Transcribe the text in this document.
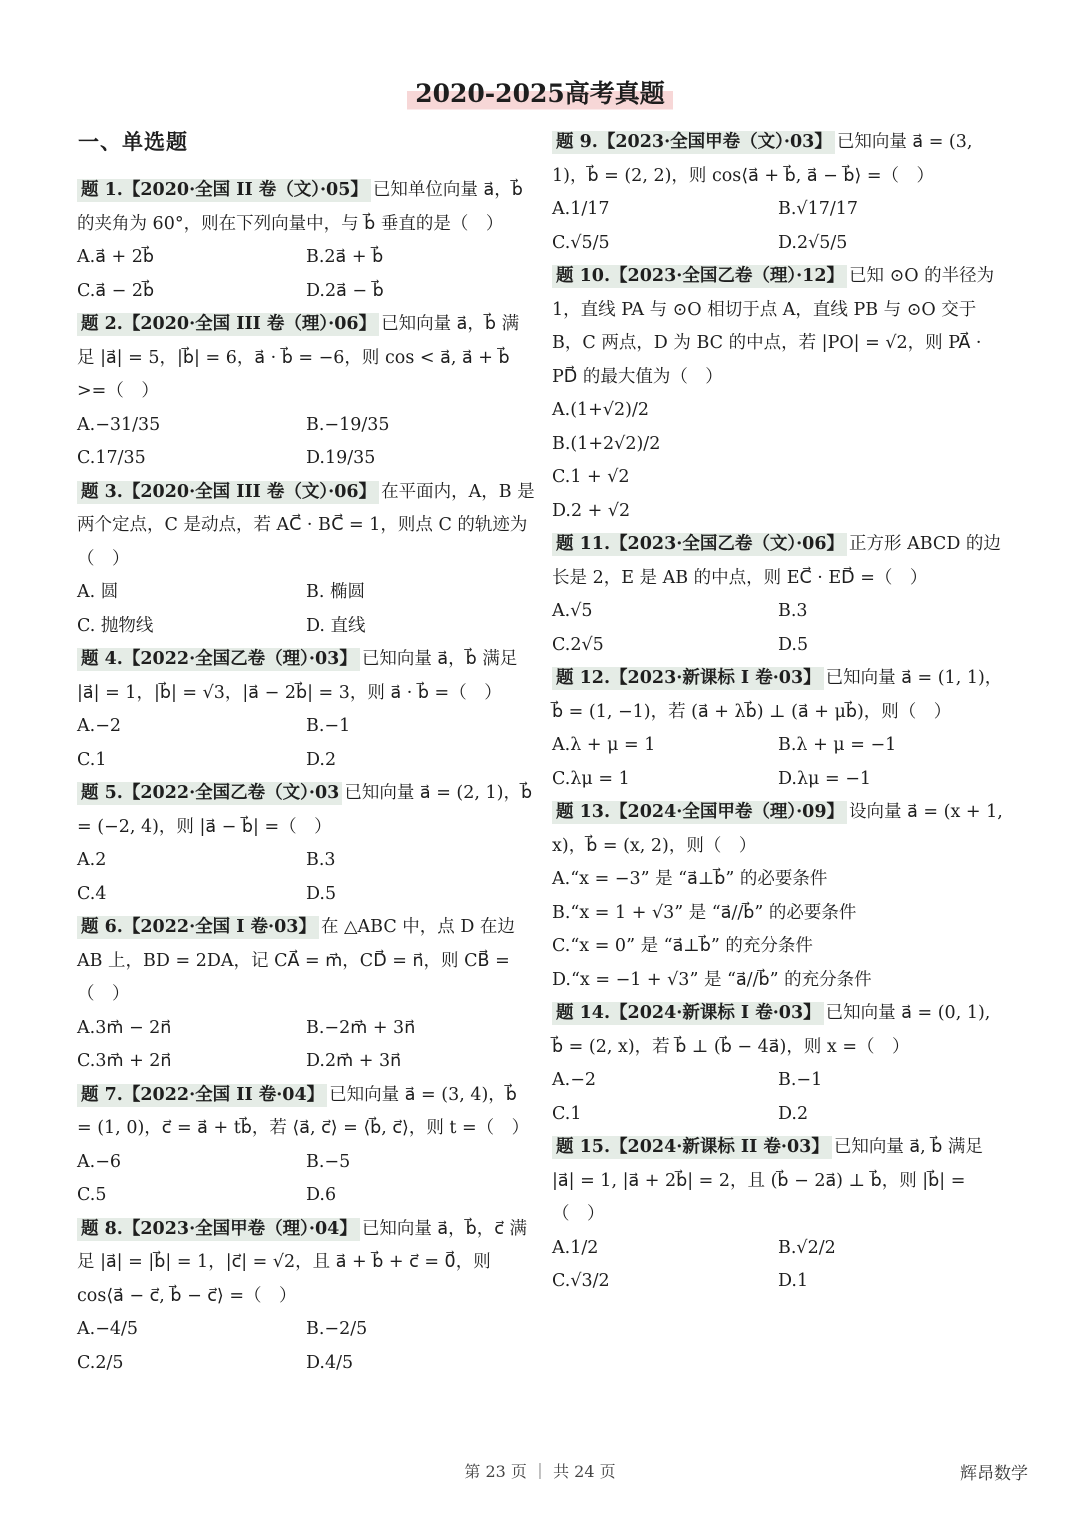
2020-2025高考真题
一、单选题

题 1.【2020·全国 II 卷（文）·05】 已知单位向量 a⃗，b⃗ 的夹角为 60°，则在下列向量中，与 b⃗ 垂直的是（　）

A.a⃗ + 2b⃗	B.2a⃗ + b⃗
C.a⃗ − 2b⃗	D.2a⃗ − b⃗

题 2.【2020·全国 III 卷（理）·06】 已知向量 a⃗，b⃗ 满足 |a⃗| = 5，|b⃗| = 6，a⃗ · b⃗ = −6，则 cos < a⃗, a⃗ + b⃗ >=（　）

A.−31/35	B.−19/35
C.17/35	D.19/35

题 3.【2020·全国 III 卷（文）·06】 在平面内，A，B 是两个定点，C 是动点，若 AC⃗ · BC⃗ = 1，则点 C 的轨迹为（　）

A. 圆	B. 椭圆
C. 抛物线	D. 直线

题 4.【2022·全国乙卷（理）·03】 已知向量 a⃗，b⃗ 满足 |a⃗| = 1，|b⃗| = √3，|a⃗ − 2b⃗| = 3，则 a⃗ · b⃗ =（　）

A.−2	B.−1
C.1	D.2

题 5.【2022·全国乙卷（文）·03 已知向量 a⃗ = (2, 1)，b⃗ = (−2, 4)，则 |a⃗ − b⃗| =（　）

A.2	B.3
C.4	D.5

题 6.【2022·全国 I 卷·03】 在 △ABC 中，点 D 在边 AB 上，BD = 2DA，记 CA⃗ = m⃗，CD⃗ = n⃗，则 CB⃗ =（　）

A.3m⃗ − 2n⃗	B.−2m⃗ + 3n⃗
C.3m⃗ + 2n⃗	D.2m⃗ + 3n⃗

题 7.【2022·全国 II 卷·04】 已知向量 a⃗ = (3, 4)，b⃗ = (1, 0)，c⃗ = a⃗ + tb⃗，若 ⟨a⃗, c⃗⟩ = ⟨b⃗, c⃗⟩，则 t =（　）

A.−6	B.−5
C.5	D.6

题 8.【2023·全国甲卷（理）·04】 已知向量 a⃗，b⃗，c⃗ 满足 |a⃗| = |b⃗| = 1，|c⃗| = √2，且 a⃗ + b⃗ + c⃗ = 0⃗，则 cos⟨a⃗ − c⃗, b⃗ − c⃗⟩ =（　）

A.−4/5	B.−2/5
C.2/5	D.4/5

题 9.【2023·全国甲卷（文）·03】 已知向量 a⃗ = (3, 1)，b⃗ = (2, 2)，则 cos⟨a⃗ + b⃗, a⃗ − b⃗⟩ =（　）

A.1/17	B.√17/17
C.√5/5	D.2√5/5

题 10.【2023·全国乙卷（理）·12】 已知 ⊙O 的半径为 1，直线 PA 与 ⊙O 相切于点 A，直线 PB 与 ⊙O 交于 B，C 两点，D 为 BC 的中点，若 |PO| = √2，则 PA⃗ · PD⃗ 的最大值为（　）

A.(1+√2)/2
B.(1+2√2)/2
C.1 + √2
D.2 + √2

题 11.【2023·全国乙卷（文）·06】 正方形 ABCD 的边长是 2，E 是 AB 的中点，则 EC⃗ · ED⃗ =（　）

A.√5	B.3
C.2√5	D.5

题 12.【2023·新课标 I 卷·03】 已知向量 a⃗ = (1, 1)，b⃗ = (1, −1)，若 (a⃗ + λb⃗) ⊥ (a⃗ + μb⃗)，则（　）

A.λ + μ = 1	B.λ + μ = −1
C.λμ = 1	D.λμ = −1

题 13.【2024·全国甲卷（理）·09】 设向量 a⃗ = (x + 1, x)，b⃗ = (x, 2)，则（　）

A.“x = −3” 是 “a⃗⊥b⃗” 的必要条件
B.“x = 1 + √3” 是 “a⃗//b⃗” 的必要条件
C.“x = 0” 是 “a⃗⊥b⃗” 的充分条件
D.“x = −1 + √3” 是 “a⃗//b⃗” 的充分条件

题 14.【2024·新课标 I 卷·03】 已知向量 a⃗ = (0, 1), b⃗ = (2, x)，若 b⃗ ⊥ (b⃗ − 4a⃗)，则 x =（　）

A.−2	B.−1
C.1	D.2

题 15.【2024·新课标 II 卷·03】 已知向量 a⃗, b⃗ 满足 |a⃗| = 1, |a⃗ + 2b⃗| = 2，且 (b⃗ − 2a⃗) ⊥ b⃗，则 |b⃗| =（　）

A.1/2	B.√2/2
C.√3/2	D.1
第 23 页 ｜ 共 24 页	辉昂数学
